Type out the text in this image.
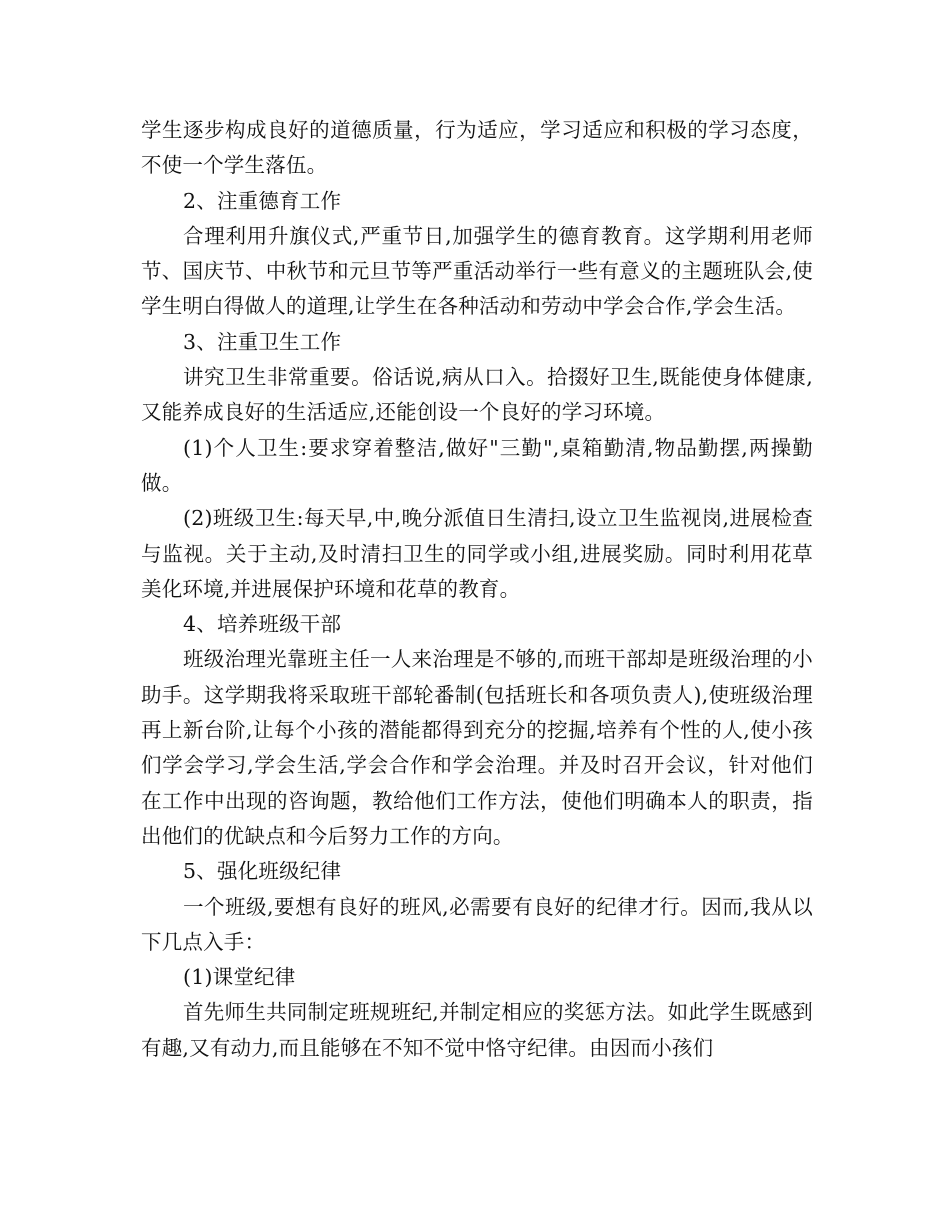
学生逐步构成良好的道德质量，行为适应，学习适应和积极的学习态度，不使一个学生落伍。

2、注重德育工作

合理利用升旗仪式,严重节日,加强学生的德育教育。这学期利用老师节、国庆节、中秋节和元旦节等严重活动举行一些有意义的主题班队会,使学生明白得做人的道理,让学生在各种活动和劳动中学会合作,学会生活。

3、注重卫生工作

讲究卫生非常重要。俗话说,病从口入。拾掇好卫生,既能使身体健康,又能养成良好的生活适应,还能创设一个良好的学习环境。

(1)个人卫生:要求穿着整洁,做好"三勤",桌箱勤清,物品勤摆,两操勤做。

(2)班级卫生:每天早,中,晚分派值日生清扫,设立卫生监视岗,进展检查与监视。关于主动,及时清扫卫生的同学或小组,进展奖励。同时利用花草美化环境,并进展保护环境和花草的教育。

4、培养班级干部

班级治理光靠班主任一人来治理是不够的,而班干部却是班级治理的小助手。这学期我将采取班干部轮番制(包括班长和各项负责人),使班级治理再上新台阶,让每个小孩的潜能都得到充分的挖掘,培养有个性的人,使小孩们学会学习,学会生活,学会合作和学会治理。并及时召开会议，针对他们在工作中出现的咨询题，教给他们工作方法，使他们明确本人的职责，指出他们的优缺点和今后努力工作的方向。

5、强化班级纪律

一个班级,要想有良好的班风,必需要有良好的纪律才行。因而,我从以下几点入手：

(1)课堂纪律

首先师生共同制定班规班纪,并制定相应的奖惩方法。如此学生既感到有趣,又有动力,而且能够在不知不觉中恪守纪律。由因而小孩们
